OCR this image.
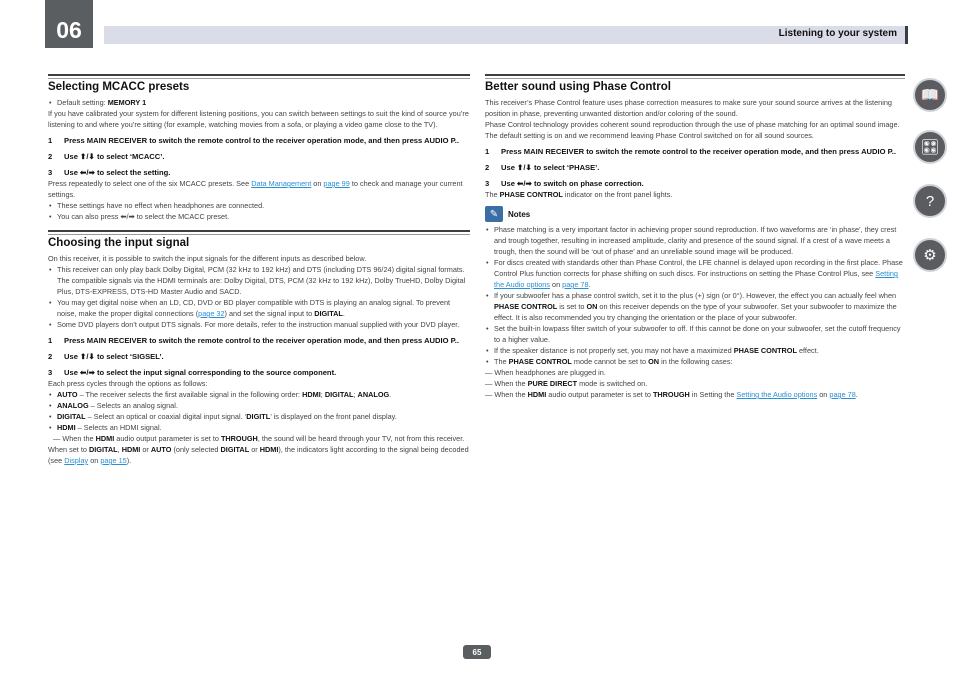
06	Listening to your system
📖
🎛
?
⚙
Selecting MCACC presets
• Default setting: MEMORY 1

If you have calibrated your system for different listening positions, you can switch between settings to suit the kind of source you’re listening to and where you’re sitting (for example, watching movies from a sofa, or playing a video game close to the TV).

1 Press MAIN RECEIVER to switch the remote control to the receiver operation mode, and then press AUDIO P..

2 Use ⬆/⬇ to select ‘MCACC’.

3 Use ⬅/➡ to select the setting.

Press repeatedly to select one of the six MCACC presets. See Data Management on page 99 to check and manage your current settings.

• These settings have no effect when headphones are connected.
• You can also press ⬅/➡ to select the MCACC preset.
Choosing the input signal

On this receiver, it is possible to switch the input signals for the different inputs as described below.

• This receiver can only play back Dolby Digital, PCM (32 kHz to 192 kHz) and DTS (including DTS 96/24) digital signal formats. The compatible signals via the HDMI terminals are: Dolby Digital, DTS, PCM (32 kHz to 192 kHz), Dolby TrueHD, Dolby Digital Plus, DTS-EXPRESS, DTS-HD Master Audio and SACD.
• You may get digital noise when an LD, CD, DVD or BD player compatible with DTS is playing an analog signal. To prevent noise, make the proper digital connections (page 32) and set the signal input to DIGITAL.
• Some DVD players don’t output DTS signals. For more details, refer to the instruction manual supplied with your DVD player.

1 Press MAIN RECEIVER to switch the remote control to the receiver operation mode, and then press AUDIO P..

2 Use ⬆/⬇ to select ‘SIGSEL’.

3 Use ⬅/➡ to select the input signal corresponding to the source component.

Each press cycles through the options as follows:

• AUTO – The receiver selects the first available signal in the following order: HDMI; DIGITAL; ANALOG.
• ANALOG – Selects an analog signal.
• DIGITAL – Select an optical or coaxial digital input signal. ‘DIGITL’ is displayed on the front panel display.
• HDMI – Selects an HDMI signal.

— When the HDMI audio output parameter is set to THROUGH, the sound will be heard through your TV, not from this receiver.

When set to DIGITAL, HDMI or AUTO (only selected DIGITAL or HDMI), the indicators light according to the signal being decoded (see Display on page 15).

Better sound using Phase Control

This receiver’s Phase Control feature uses phase correction measures to make sure your sound source arrives at the listening position in phase, preventing unwanted distortion and/or coloring of the sound.

Phase Control technology provides coherent sound reproduction through the use of phase matching for an optimal sound image. The default setting is on and we recommend leaving Phase Control switched on for all sound sources.

1 Press MAIN RECEIVER to switch the remote control to the receiver operation mode, and then press AUDIO P..

2 Use ⬆/⬇ to select ‘PHASE’.

3 Use ⬅/➡ to switch on phase correction.

The PHASE CONTROL indicator on the front panel lights.

✎	Notes
• Phase matching is a very important factor in achieving proper sound reproduction. If two waveforms are ‘in phase’, they crest and trough together, resulting in increased amplitude, clarity and presence of the sound signal. If a crest of a wave meets a trough, then the sound will be ‘out of phase’ and an unreliable sound image will be produced.
• For discs created with standards other than Phase Control, the LFE channel is delayed upon recording in the first place. Phase Control Plus function corrects for phase shifting on such discs. For instructions on setting the Phase Control Plus, see Setting the Audio options on page 78.
• If your subwoofer has a phase control switch, set it to the plus (+) sign (or 0°). However, the effect you can actually feel when PHASE CONTROL is set to ON on this receiver depends on the type of your subwoofer. Set your subwoofer to maximize the effect. It is also recommended you try changing the orientation or the place of your subwoofer.
• Set the built-in lowpass filter switch of your subwoofer to off. If this cannot be done on your subwoofer, set the cutoff frequency to a higher value.
• If the speaker distance is not properly set, you may not have a maximized PHASE CONTROL effect.
• The PHASE CONTROL mode cannot be set to ON in the following cases:

— When headphones are plugged in.

— When the PURE DIRECT mode is switched on.

— When the HDMI audio output parameter is set to THROUGH in Setting the Setting the Audio options on page 78.

65
